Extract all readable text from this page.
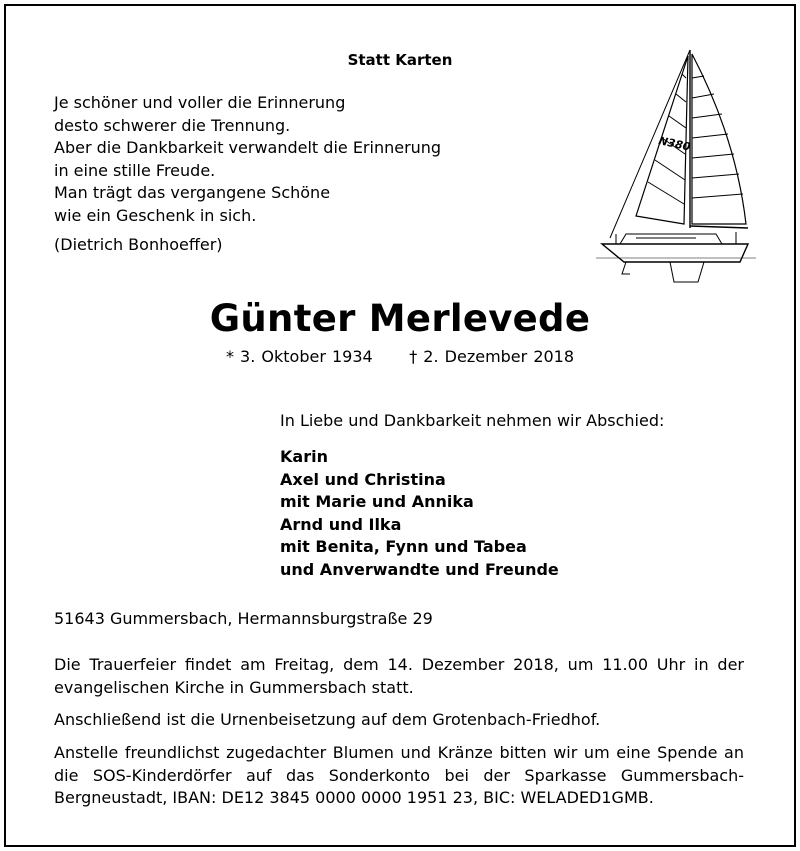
Statt Karten
Je schöner und voller die Erinnerung
desto schwerer die Trennung.
Aber die Dankbarkeit verwandelt die Erinnerung
in eine stille Freude.
Man trägt das vergangene Schöne
wie ein Geschenk in sich.
(Dietrich Bonhoeffer)
N380
Günter Merlevede
* 3. Oktober 1934 † 2. Dezember 2018
In Liebe und Dankbarkeit nehmen wir Abschied:
Karin
Axel und Christina
mit Marie und Annika
Arnd und Ilka
mit Benita, Fynn und Tabea
und Anverwandte und Freunde
51643 Gummersbach, Hermannsburgstraße 29
Die Trauerfeier findet am Freitag, dem 14. Dezember 2018, um 11.00 Uhr in der evangelischen Kirche in Gummersbach statt.
Anschließend ist die Urnenbeisetzung auf dem Grotenbach-Friedhof.
Anstelle freundlichst zugedachter Blumen und Kränze bitten wir um eine Spende an die SOS-Kinderdörfer auf das Sonderkonto bei der Sparkasse Gummersbach-Bergneustadt, IBAN: DE12 3845 0000 0000 1951 23, BIC: WELADED1GMB.
